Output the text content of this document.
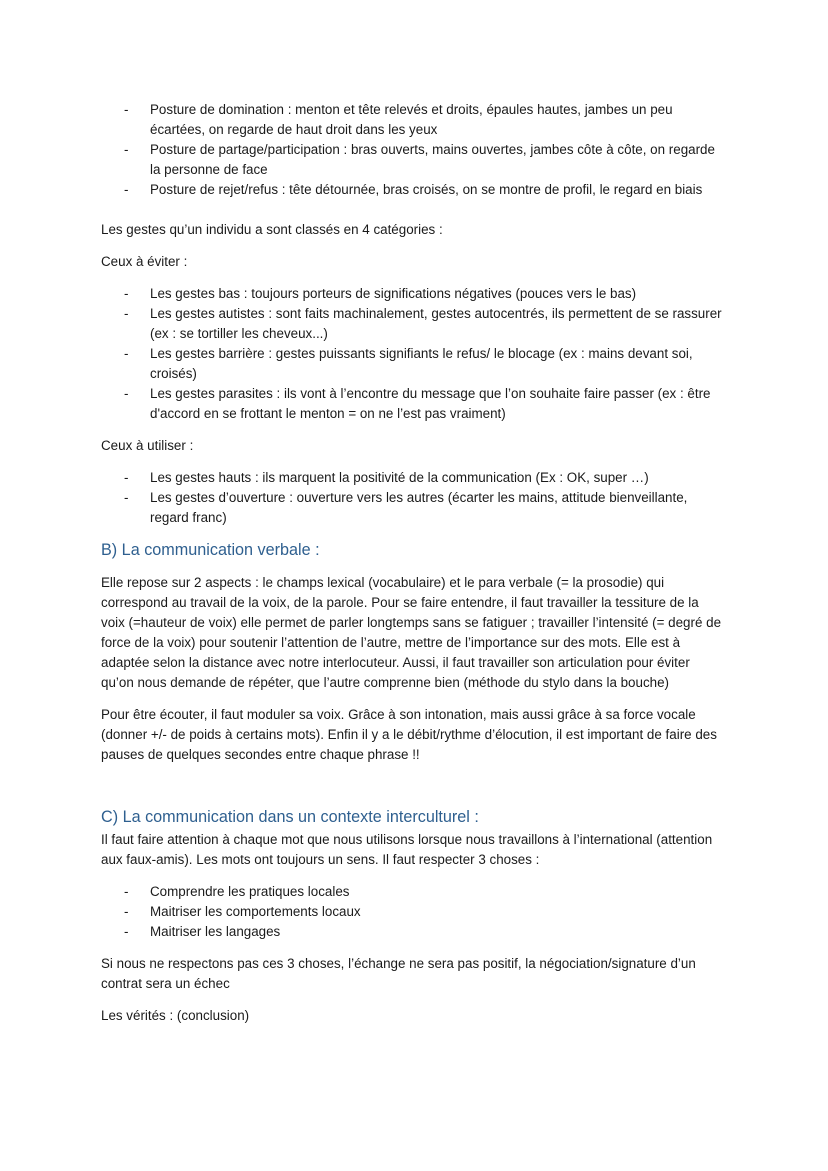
- Posture de domination : menton et tête relevés et droits, épaules hautes, jambes un peu écartées, on regarde de haut droit dans les yeux
- Posture de partage/participation : bras ouverts, mains ouvertes, jambes côte à côte, on regarde la personne de face
- Posture de rejet/refus : tête détournée, bras croisés, on se montre de profil, le regard en biais

Les gestes qu’un individu a sont classés en 4 catégories :

Ceux à éviter :

- Les gestes bas : toujours porteurs de significations négatives (pouces vers le bas)
- Les gestes autistes : sont faits machinalement, gestes autocentrés, ils permettent de se rassurer (ex : se tortiller les cheveux...)
- Les gestes barrière : gestes puissants signifiants le refus/ le blocage (ex : mains devant soi, croisés)
- Les gestes parasites : ils vont à l’encontre du message que l’on souhaite faire passer (ex : être d'accord en se frottant le menton = on ne l’est pas vraiment)

Ceux à utiliser :

- Les gestes hauts : ils marquent la positivité de la communication (Ex : OK, super …)
- Les gestes d’ouverture : ouverture vers les autres (écarter les mains, attitude bienveillante, regard franc)

B) La communication verbale :

Elle repose sur 2 aspects : le champs lexical (vocabulaire) et le para verbale (= la prosodie) qui correspond au travail de la voix, de la parole. Pour se faire entendre, il faut travailler la tessiture de la voix (=hauteur de voix) elle permet de parler longtemps sans se fatiguer ; travailler l’intensité (= degré de force de la voix) pour soutenir l’attention de l’autre, mettre de l’importance sur des mots. Elle est à adaptée selon la distance avec notre interlocuteur. Aussi, il faut travailler son articulation pour éviter qu’on nous demande de répéter, que l’autre comprenne bien (méthode du stylo dans la bouche)

Pour être écouter, il faut moduler sa voix. Grâce à son intonation, mais aussi grâce à sa force vocale (donner +/- de poids à certains mots). Enfin il y a le débit/rythme d’élocution, il est important de faire des pauses de quelques secondes entre chaque phrase !!

C) La communication dans un contexte interculturel :

Il faut faire attention à chaque mot que nous utilisons lorsque nous travaillons à l’international (attention aux faux-amis). Les mots ont toujours un sens. Il faut respecter 3 choses :

- Comprendre les pratiques locales
- Maitriser les comportements locaux
- Maitriser les langages

Si nous ne respectons pas ces 3 choses, l’échange ne sera pas positif, la négociation/signature d’un contrat sera un échec

Les vérités : (conclusion)
